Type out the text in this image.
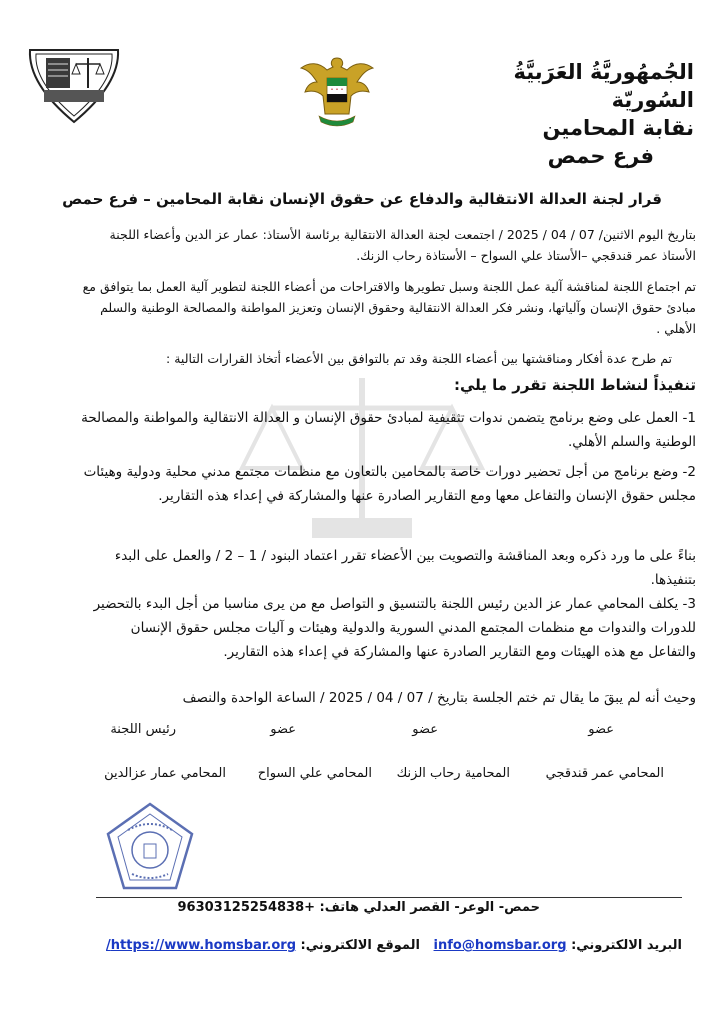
الجُمهُوريَّةُ العَرَبيَّةُ السُوريّة
نقابة المحامين
فرع حمص
قرار لجنة العدالة الانتقالية والدفاع عن حقوق الإنسان نقابة المحامين – فرع حمص
بتاريخ اليوم الاثنين/ 07 / 04 / 2025 / اجتمعت لجنة العدالة الانتقالية برئاسة الأستاذ: عمار عز الدين وأعضاء اللجنة الأستاذ عمر قندقجي –الأستاذ علي السواح – الأستاذة رحاب الزنك.
تم اجتماع اللجنة لمناقشة آلية عمل اللجنة وسبل تطويرها والاقتراحات من أعضاء اللجنة لتطوير آلية العمل بما يتوافق مع مبادئ حقوق الإنسان وآلياتها، ونشر فكر العدالة الانتقالية وحقوق الإنسان وتعزيز المواطنة والمصالحة الوطنية والسلم الأهلي .
تم طرح عدة أفكار ومناقشتها بين أعضاء اللجنة وقد تم بالتوافق بين الأعضاء أتخاذ القرارات التالية :
تنفيذاً لنشاط اللجنة تقرر ما يلي:
1- العمل على وضع برنامج يتضمن ندوات تثقيفية لمبادئ حقوق الإنسان و العدالة الانتقالية والمواطنة والمصالحة الوطنية والسلم الأهلي.
2- وضع برنامج من أجل تحضير دورات خاصة بالمحامين بالتعاون مع منظمات مجتمع مدني محلية ودولية وهيئات مجلس حقوق الإنسان والتفاعل معها ومع التقارير الصادرة عنها والمشاركة في إعداء هذه التقارير.
بناءً على ما ورد ذكره وبعد المناقشة والتصويت بين الأعضاء تقرر اعتماد البنود / 1 – 2 / والعمل على البدء بتنفيذها.
3- يكلف المحامي عمار عز الدين رئيس اللجنة بالتنسيق و التواصل مع من يرى مناسبا من أجل البدء بالتحضير للدورات والندوات مع منظمات المجتمع المدني السورية والدولية وهيئات و آليات مجلس حقوق الإنسان والتفاعل مع هذه الهيئات ومع التقارير الصادرة عنها والمشاركة في إعداء هذه التقارير.
وحيث أنه لم يبقَ ما يقال تم ختم الجلسة بتاريخ / 07 / 04 / 2025 / الساعة الواحدة والنصف
عضو
عضو
عضو
رئيس اللجنة
المحامي عمر قندقجي
المحامية رحاب الزنك
المحامي علي السواح
المحامي عمار عزالدين
حمص- الوعر- القصر العدلي هاتف: +96303125254838
البريد الالكتروني: info@homsbar.org   الموقع الالكتروني: https://www.homsbar.org/
